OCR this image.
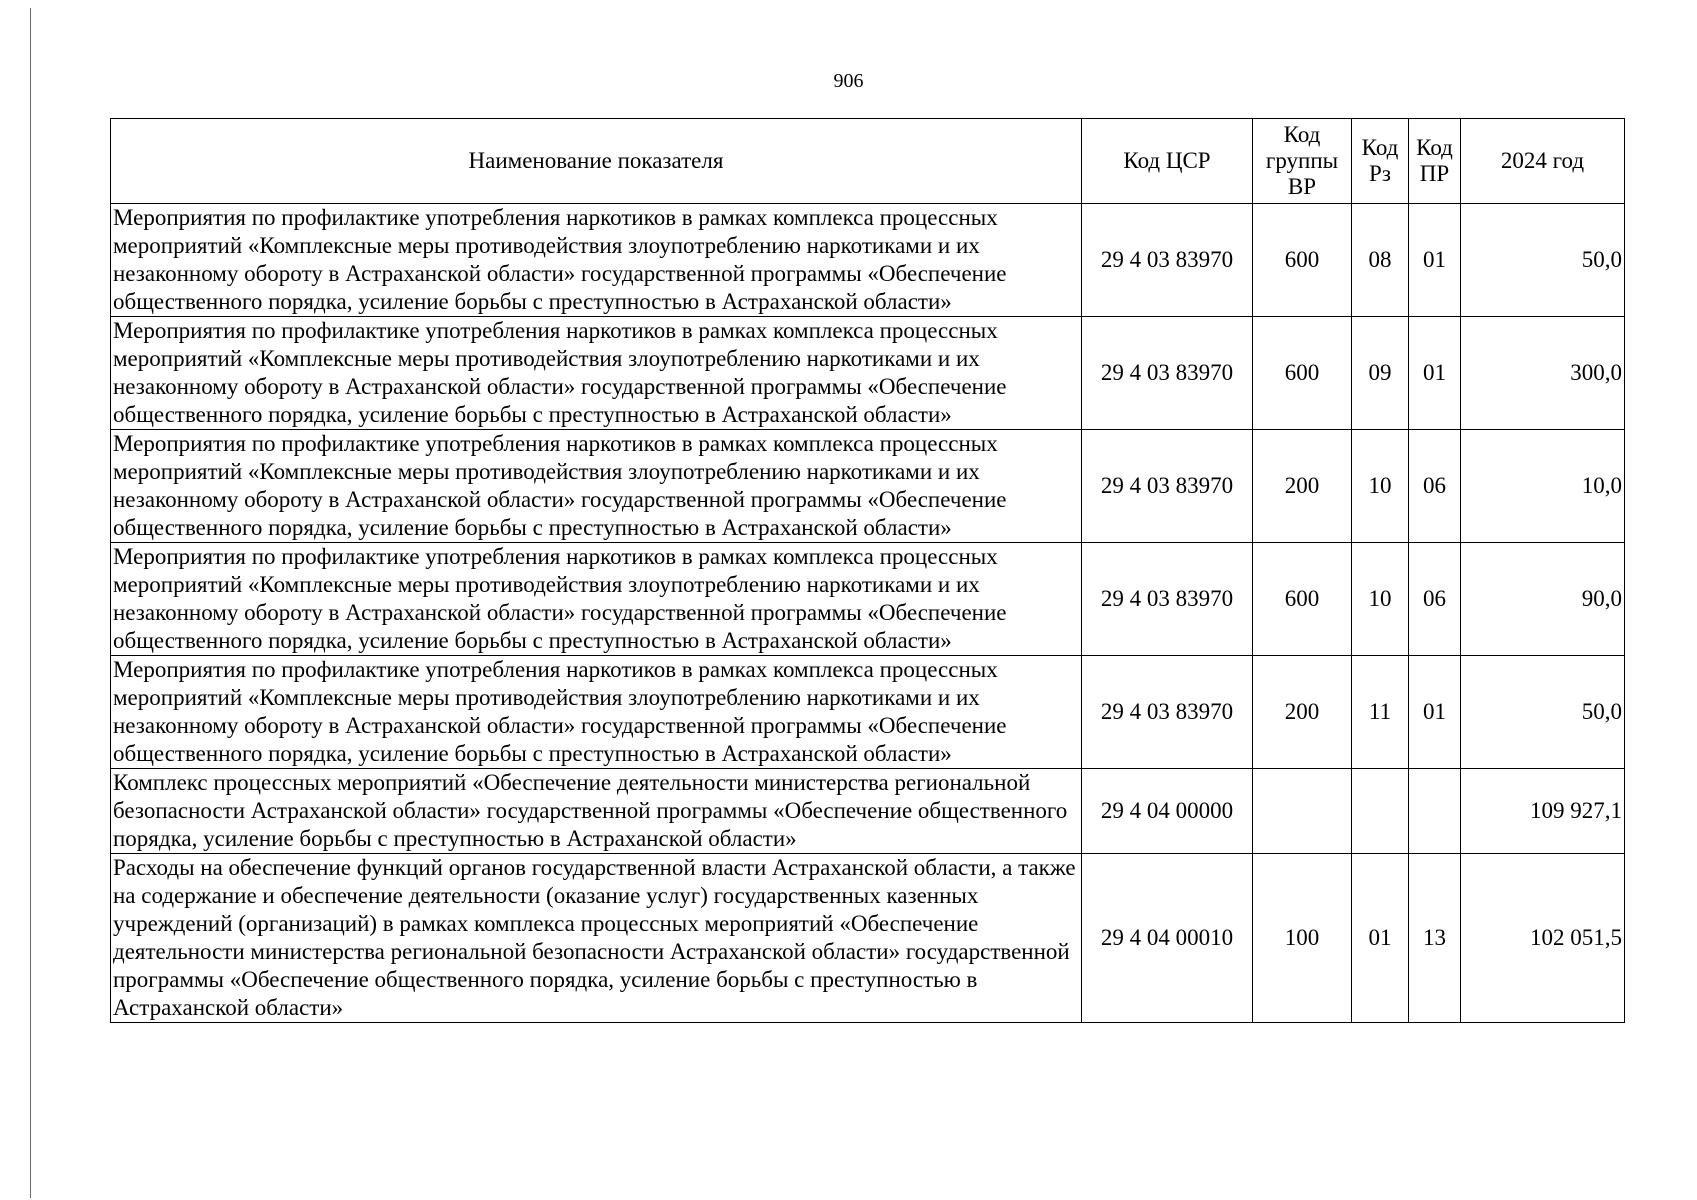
906
Наименование показателя	Код ЦСР	Код группы ВР	Код Рз	Код ПР	2024 год
Мероприятия по профилактике употребления наркотиков в рамках комплекса процессных мероприятий «Комплексные меры противодействия злоупотреблению наркотиками и их незаконному обороту в Астраханской области» государственной программы «Обеспечение общественного порядка, усиление борьбы с преступностью в Астраханской области»	29 4 03 83970	600	08	01	50,0
Мероприятия по профилактике употребления наркотиков в рамках комплекса процессных мероприятий «Комплексные меры противодействия злоупотреблению наркотиками и их незаконному обороту в Астраханской области» государственной программы «Обеспечение общественного порядка, усиление борьбы с преступностью в Астраханской области»	29 4 03 83970	600	09	01	300,0
Мероприятия по профилактике употребления наркотиков в рамках комплекса процессных мероприятий «Комплексные меры противодействия злоупотреблению наркотиками и их незаконному обороту в Астраханской области» государственной программы «Обеспечение общественного порядка, усиление борьбы с преступностью в Астраханской области»	29 4 03 83970	200	10	06	10,0
Мероприятия по профилактике употребления наркотиков в рамках комплекса процессных мероприятий «Комплексные меры противодействия злоупотреблению наркотиками и их незаконному обороту в Астраханской области» государственной программы «Обеспечение общественного порядка, усиление борьбы с преступностью в Астраханской области»	29 4 03 83970	600	10	06	90,0
Мероприятия по профилактике употребления наркотиков в рамках комплекса процессных мероприятий «Комплексные меры противодействия злоупотреблению наркотиками и их незаконному обороту в Астраханской области» государственной программы «Обеспечение общественного порядка, усиление борьбы с преступностью в Астраханской области»	29 4 03 83970	200	11	01	50,0
Комплекс процессных мероприятий «Обеспечение деятельности министерства региональной безопасности Астраханской области» государственной программы «Обеспечение общественного порядка, усиление борьбы с преступностью в Астраханской области»	29 4 04 00000				109 927,1
Расходы на обеспечение функций органов государственной власти Астраханской области, а также на содержание и обеспечение деятельности (оказание услуг) государственных казенных учреждений (организаций) в рамках комплекса процессных мероприятий «Обеспечение деятельности министерства региональной безопасности Астраханской области» государственной программы «Обеспечение общественного порядка, усиление борьбы с преступностью в Астраханской области»	29 4 04 00010	100	01	13	102 051,5
